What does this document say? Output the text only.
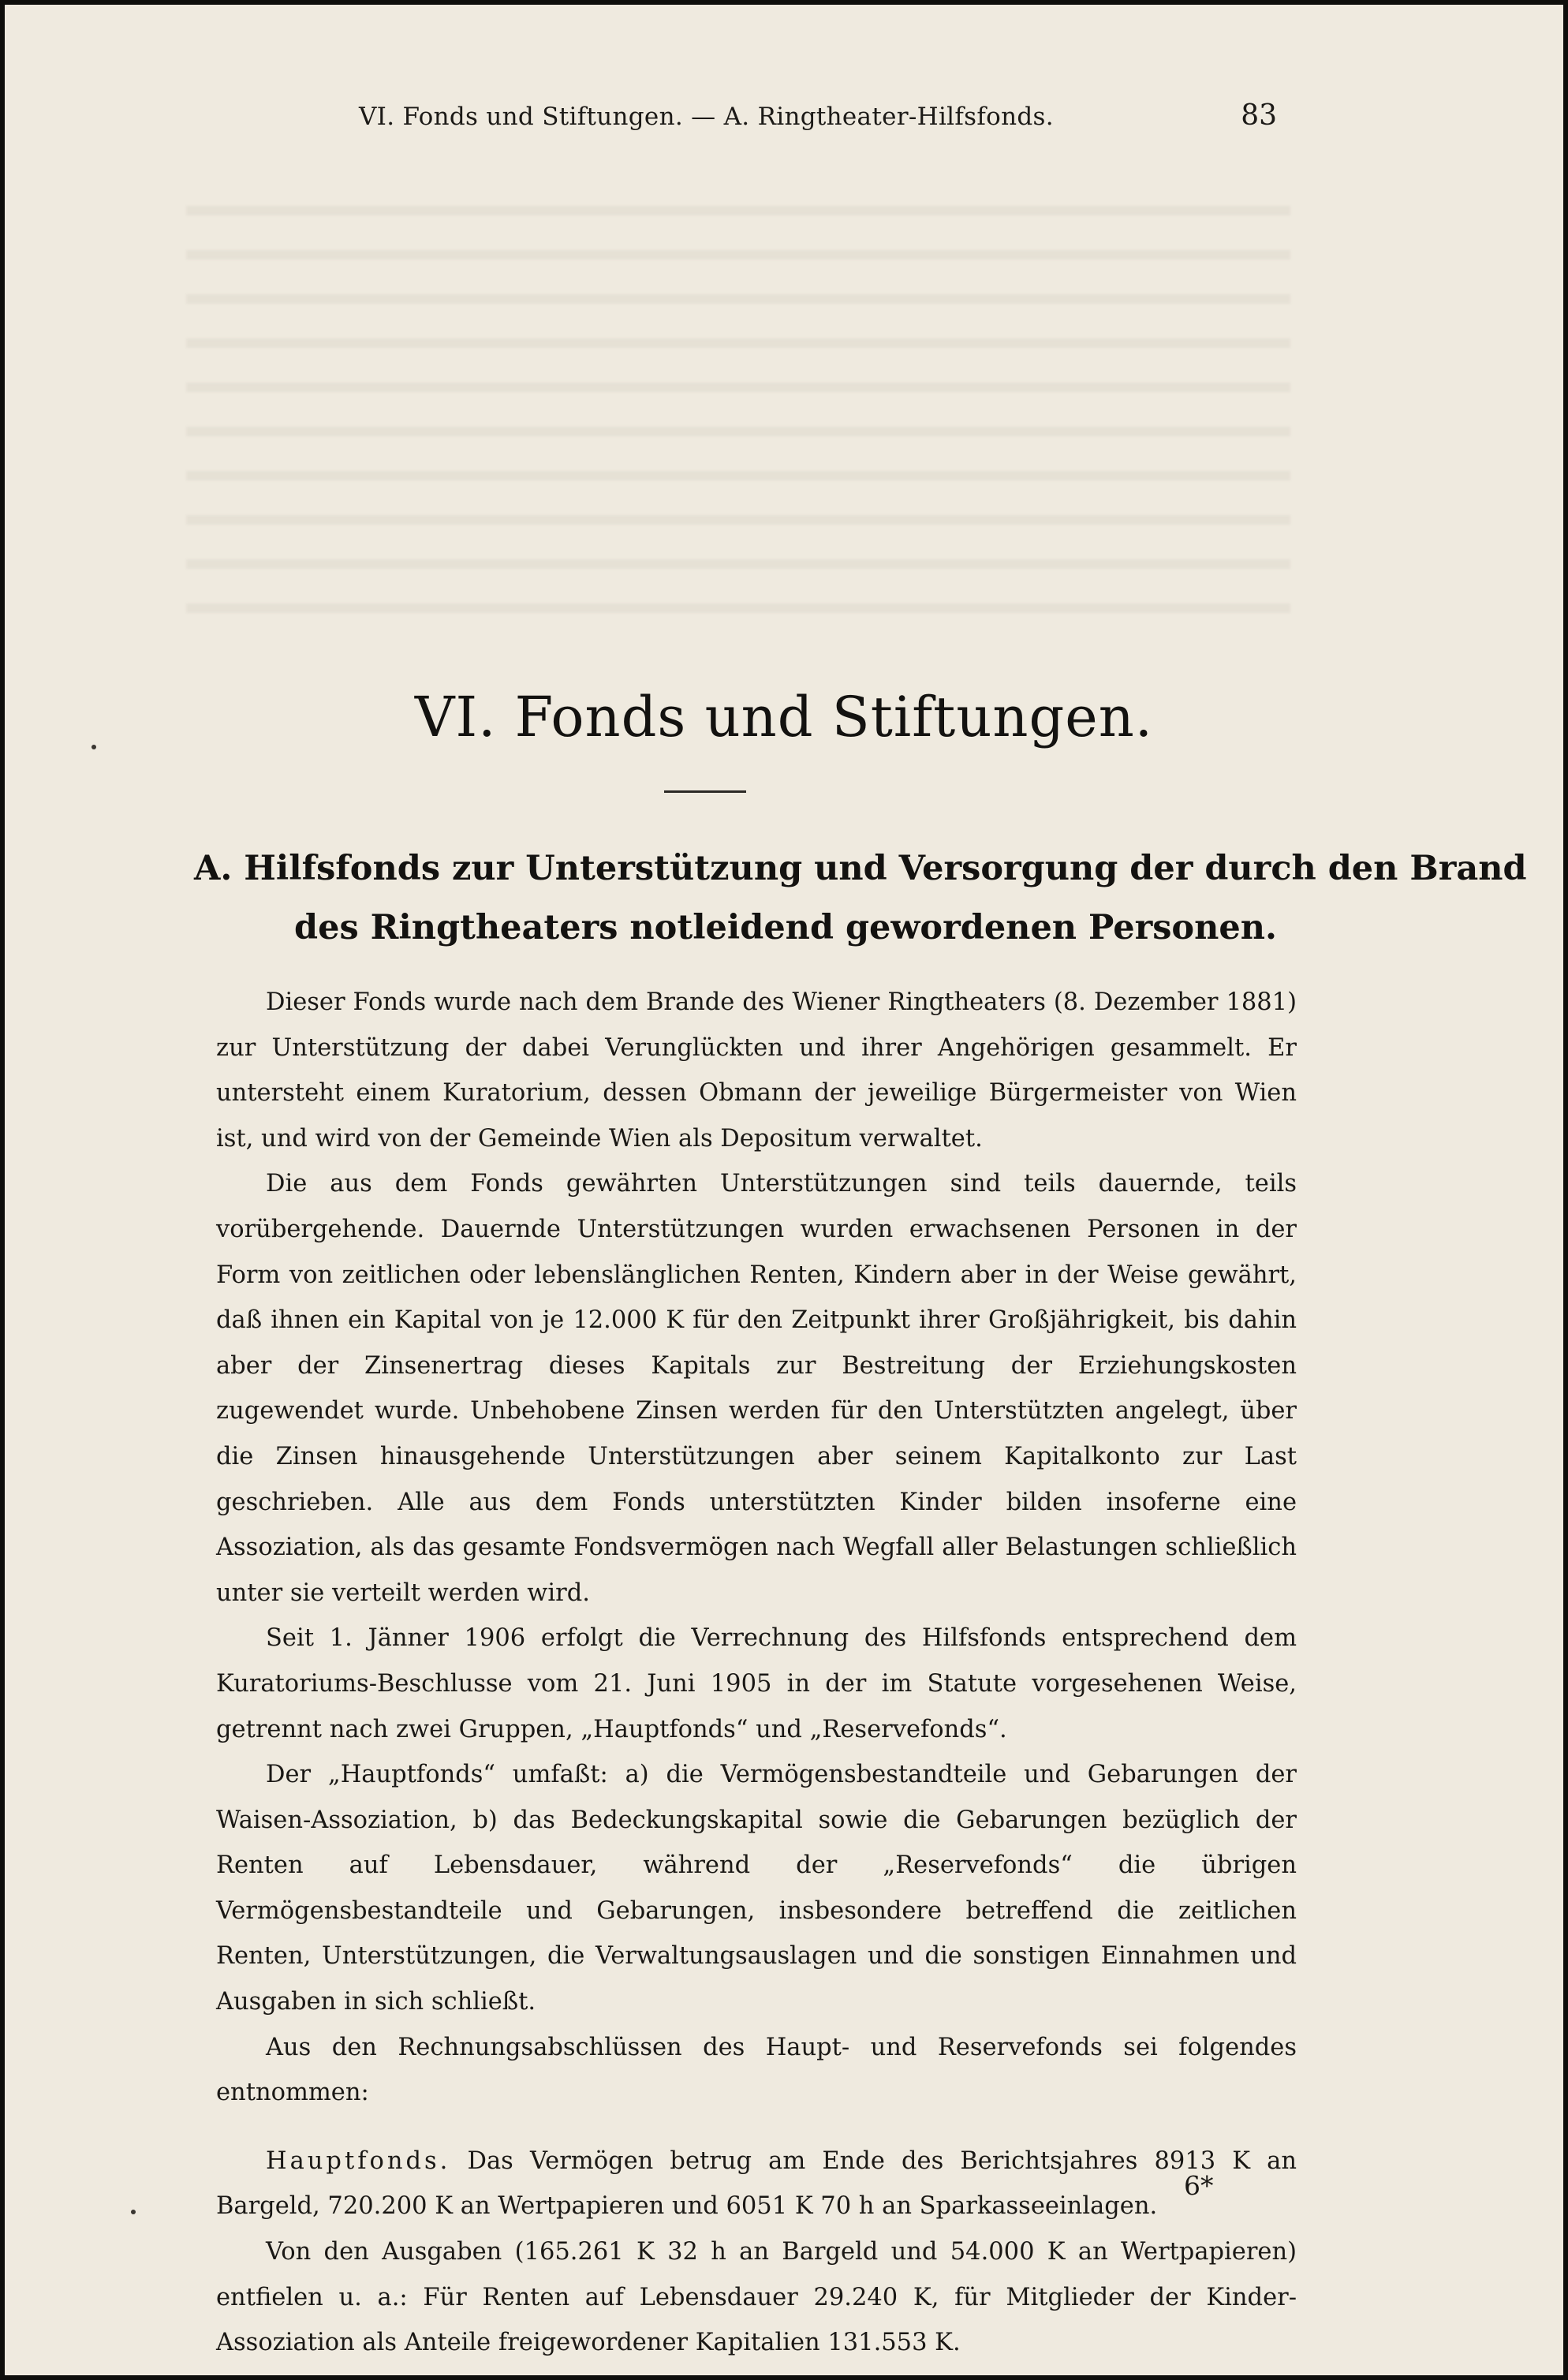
VI. Fonds und Stiftungen. — A. Ringtheater-Hilfsfonds.	83
VI. Fonds und Stiftungen.
A. Hilfsfonds zur Unterstützung und Versorgung der durch den Brand
des Ringtheaters notleidend gewordenen Personen.

Dieser Fonds wurde nach dem Brande des Wiener Ringtheaters (8. Dezember 1881) zur Unterstützung der dabei Verunglückten und ihrer Angehörigen gesammelt. Er untersteht einem Kuratorium, dessen Obmann der jeweilige Bürgermeister von Wien ist, und wird von der Gemeinde Wien als Depositum verwaltet.

Die aus dem Fonds gewährten Unterstützungen sind teils dauernde, teils vorübergehende. Dauernde Unterstützungen wurden erwachsenen Personen in der Form von zeitlichen oder lebenslänglichen Renten, Kindern aber in der Weise gewährt, daß ihnen ein Kapital von je 12.000 K für den Zeitpunkt ihrer Großjährigkeit, bis dahin aber der Zinsenertrag dieses Kapitals zur Bestreitung der Erziehungskosten zugewendet wurde. Unbehobene Zinsen werden für den Unterstützten angelegt, über die Zinsen hinausgehende Unterstützungen aber seinem Kapitalkonto zur Last geschrieben. Alle aus dem Fonds unterstützten Kinder bilden insoferne eine Assoziation, als das gesamte Fondsvermögen nach Wegfall aller Belastungen schließlich unter sie verteilt werden wird.

Seit 1. Jänner 1906 erfolgt die Verrechnung des Hilfsfonds entsprechend dem Kuratoriums-Beschlusse vom 21. Juni 1905 in der im Statute vorgesehenen Weise, getrennt nach zwei Gruppen, „Hauptfonds“ und „Reservefonds“.

Der „Hauptfonds“ umfaßt: a) die Vermögensbestandteile und Gebarungen der Waisen-Assoziation, b) das Bedeckungskapital sowie die Gebarungen bezüglich der Renten auf Lebensdauer, während der „Reservefonds“ die übrigen Vermögensbestandteile und Gebarungen, insbesondere betreffend die zeitlichen Renten, Unterstützungen, die Verwaltungsauslagen und die sonstigen Einnahmen und Ausgaben in sich schließt.

Aus den Rechnungsabschlüssen des Haupt- und Reservefonds sei folgendes entnommen:

Hauptfonds. Das Vermögen betrug am Ende des Berichtsjahres 8913 K an Bargeld, 720.200 K an Wertpapieren und 6051 K 70 h an Sparkasseeinlagen.

Von den Ausgaben (165.261 K 32 h an Bargeld und 54.000 K an Wertpapieren) entfielen u. a.: Für Renten auf Lebensdauer 29.240 K, für Mitglieder der Kinder-Assoziation als Anteile freigewordener Kapitalien 131.553 K.

6*
